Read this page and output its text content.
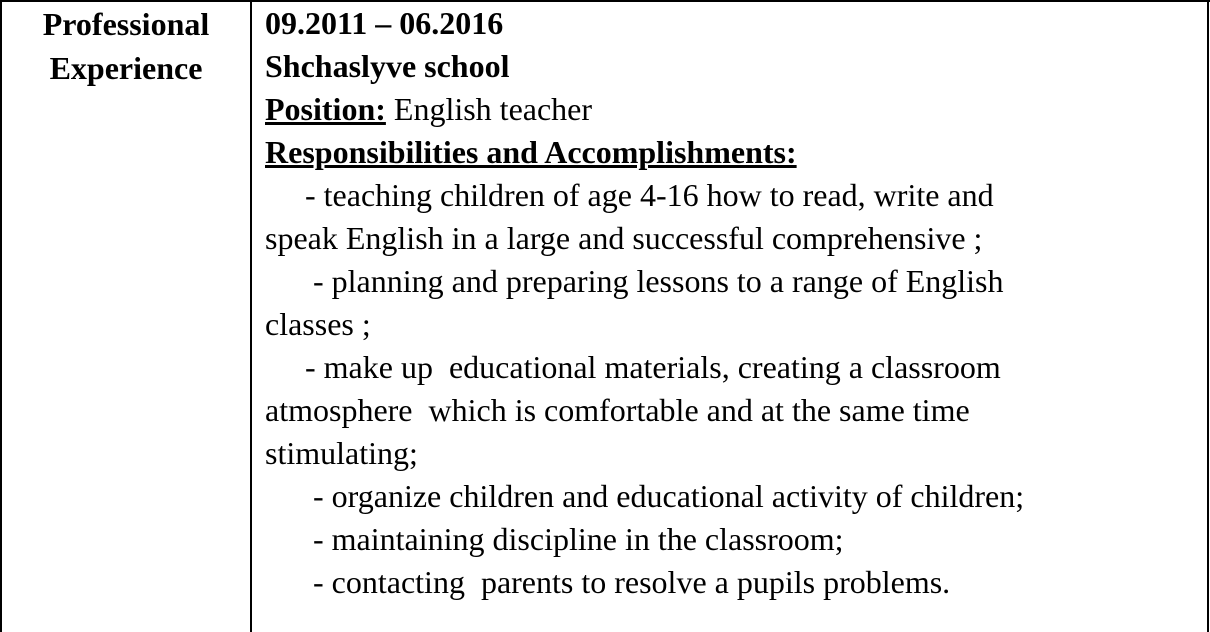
Professional
Experience
09.2011 – 06.2016
Shchaslyve school
Position: English teacher
Responsibilities and Accomplishments:
- teaching children of age 4-16 how to read, write and
speak English in a large and successful comprehensive ;
- planning and preparing lessons to a range of English
classes ;
- make up  educational materials, creating a classroom
atmosphere  which is comfortable and at the same time
stimulating;
- organize children and educational activity of children;
- maintaining discipline in the classroom;
- contacting  parents to resolve a pupils problems.
